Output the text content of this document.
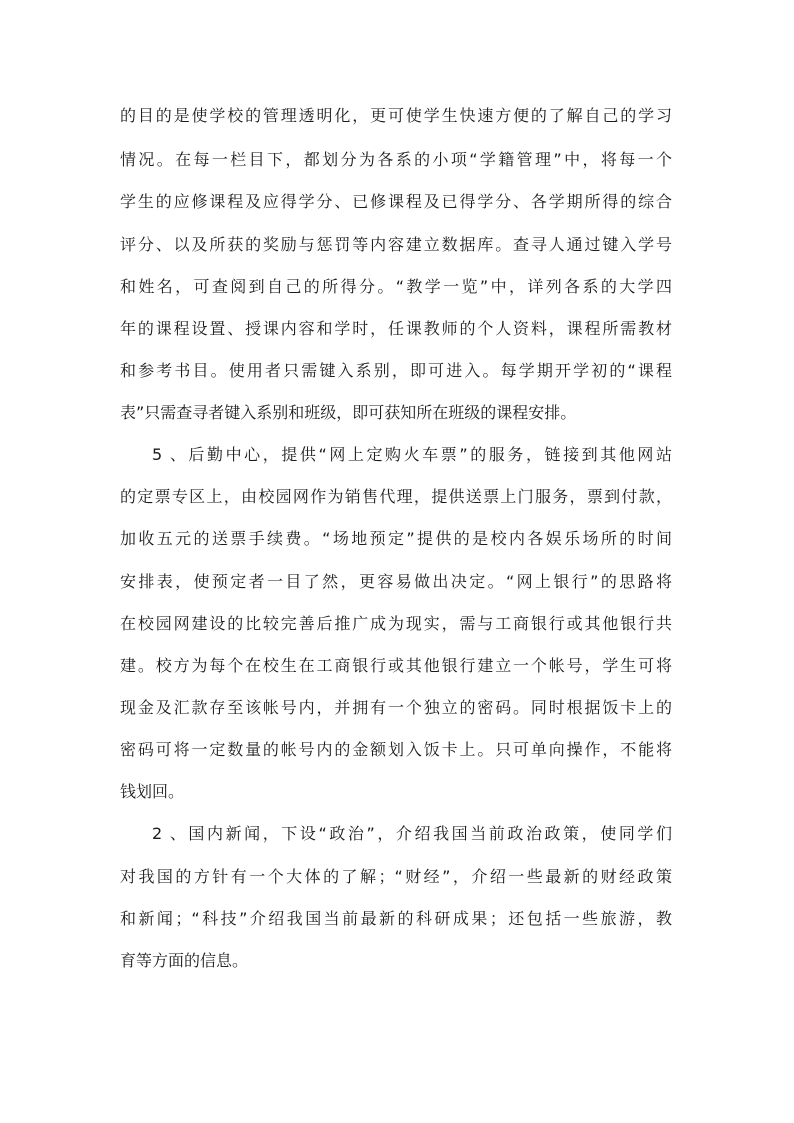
的目的是使学校的管理透明化，更可使学生快速方便的了解自己的学习
情况。在每一栏目下，都划分为各系的小项“学籍管理”中，将每一个
学生的应修课程及应得学分、已修课程及已得学分、各学期所得的综合
评分、以及所获的奖励与惩罚等内容建立数据库。查寻人通过键入学号
和姓名，可查阅到自己的所得分。“教学一览”中，详列各系的大学四
年的课程设置、授课内容和学时，任课教师的个人资料，课程所需教材
和参考书目。使用者只需键入系别，即可进入。每学期开学初的“课程
表”只需查寻者键入系别和班级，即可获知所在班级的课程安排。
5 、后勤中心，提供“网上定购火车票”的服务，链接到其他网站
的定票专区上，由校园网作为销售代理，提供送票上门服务，票到付款，
加收五元的送票手续费。“场地预定”提供的是校内各娱乐场所的时间
安排表，使预定者一目了然，更容易做出决定。“网上银行”的思路将
在校园网建设的比较完善后推广成为现实，需与工商银行或其他银行共
建。校方为每个在校生在工商银行或其他银行建立一个帐号，学生可将
现金及汇款存至该帐号内，并拥有一个独立的密码。同时根据饭卡上的
密码可将一定数量的帐号内的金额划入饭卡上。只可单向操作，不能将
钱划回。
2 、国内新闻，下设“政治”，介绍我国当前政治政策，使同学们
对我国的方针有一个大体的了解；“财经”，介绍一些最新的财经政策
和新闻；“科技”介绍我国当前最新的科研成果；还包括一些旅游，教
育等方面的信息。
